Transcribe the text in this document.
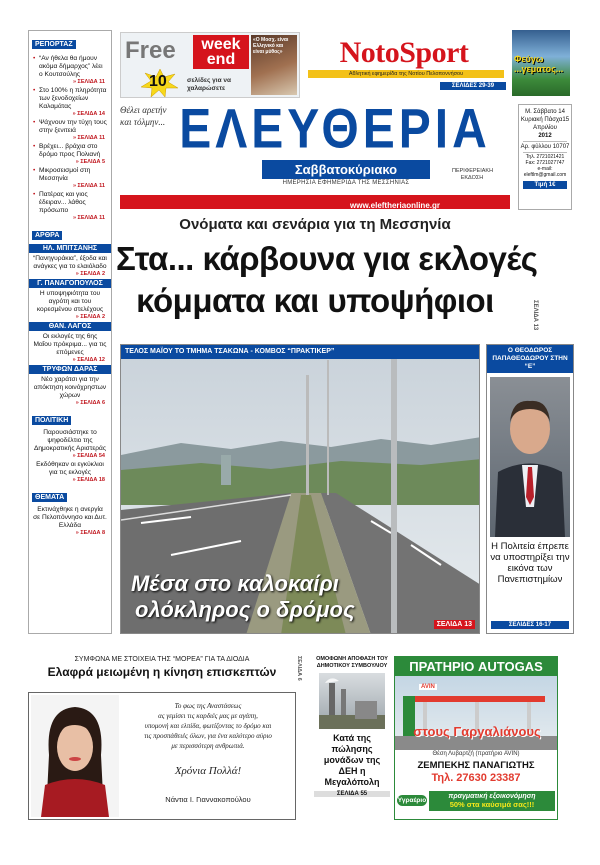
ΡΕΠΟΡΤΑΖ
• “Αν ήθελα θα ήμουν ακόμα δήμαρχος” λέει ο Κουτσούλης
» ΣΕΛΙΔΑ 11
• Στο 100% η πληρότητα των ξενοδοχείων Καλαμάτας
» ΣΕΛΙΔΑ 14
• Ψάχνουν την τύχη τους στην ξενιτειά
» ΣΕΛΙΔΑ 11
• Βρέχει... βράχια στο δρόμο προς Πολιανή
» ΣΕΛΙΔΑ 5
• Μικροσεισμοί στη Μεσσηνία
» ΣΕΛΙΔΑ 11
• Πατέρας και γιος έδειραν... λάθος πρόσωπο
» ΣΕΛΙΔΑ 11
ΑΡΘΡΑ
ΗΛ. ΜΠΙΤΣΑΝΗΣ
“Πανηγυράκια”, έξοδα και ανάγκες για το ελαιόλαδο
» ΣΕΛΙΔΑ 2
Γ. ΠΑΝΑΓΟΠΟΥΛΟΣ
Η υποψηφιότητα του αγρότη και του κορεσμένου στελέχους
» ΣΕΛΙΔΑ 2
ΘΑΝ. ΛΑΓΟΣ
Οι εκλογές της 6ης Μαΐου πρόκριμα... για τις επόμενες
» ΣΕΛΙΔΑ 12
ΤΡΥΦΩΝ ΔΑΡΑΣ
Νέο χαράτσι για την απόκτηση κοινόχρηστων χώρων
» ΣΕΛΙΔΑ 6
ΠΟΛΙΤΙΚΗ
Παρουσιάστηκε το ψηφοδέλτιο της Δημοκρατικής Αριστεράς
» ΣΕΛΙΔΑ 54
Εκδόθηκαν οι εγκύκλιοι για τις εκλογές
» ΣΕΛΙΔΑ 18
ΘΕΜΑΤΑ
Εκτινάχθηκε η ανεργία σε Πελοπόννησο και Δυτ. Ελλάδα
» ΣΕΛΙΔΑ 8
Free	week
end
10	σελίδες για να χαλαρώσετε
«Ο Μοσχ. είναι Ελληνικό και είναι μύθος»	NotoSport
Αθλητική εφημερίδα της Νοτίου Πελοποννήσου
ΣΕΛΙΔΕΣ 29-39
Φεύγω ...γεματος...
Θέλει αρετήν και τόλμην... ΕΛΕΥΘΕΡΙΑ
Σαββατοκύριακο
ΗΜΕΡΗΣΙΑ ΕΦΗΜΕΡΙΔΑ ΤΗΣ ΜΕΣΣΗΝΙΑΣ
ΠΕΡΙΦΕΡΕΙΑΚΗ ΕΚΔΟΣΗ
www.eleftheriaonline.gr
Μ. Σάββατο 14
Κυριακή Πάσχα15
Απριλίου
2012
Αρ. φύλλου 10707
Τηλ. 2721021421
Fax: 2721027747
e-mail:
eleftlm@gmail.com
Τιμή 1€
Ονόματα και σενάρια για τη Μεσσηνία
Στα... κάρβουνα για εκλογές
κόμματα και υποψήφιοι	ΣΕΛΙΔΑ 13
ΤΕΛΟΣ ΜΑΪΟΥ ΤΟ ΤΜΗΜΑ ΤΣΑΚΩΝΑ - ΚΟΜΒΟΣ “ΠΡΑΚΤΙΚΕΡ”
Μέσα στο καλοκαίρι
ολόκληρος ο δρόμος
ΣΕΛΙΔΑ 13
Ο ΘΕΟΔΩΡΟΣ ΠΑΠΑΘΕΟΔΩΡΟΥ ΣΤΗΝ “Ε”
Η Πολιτεία έπρεπε να υποστηρίξει την εικόνα των Πανεπιστημίων
ΣΕΛΙΔΕΣ 16-17
ΣΥΜΦΩΝΑ ΜΕ ΣΤΟΙΧΕΙΑ ΤΗΣ “ΜΟΡΕΑ” ΓΙΑ ΤΑ ΔΙΟΔΙΑ
Ελαφρά μειωμένη η κίνηση επισκεπτών	ΣΕΛΙΔΑ 6
Το φως της Αναστάσεως
ας γεμίσει τις καρδιές μας με αγάπη,
υπομονή και ελπίδα, φωτίζοντας το δρόμο και
τις προσπάθειές όλων, για ένα καλύτερο αύριο
με περισσότερη ανθρωπιά.
Χρόνια Πολλά!
Νάντια Ι. Γιαννακοπούλου
ΟΜΟΦΩΝΗ ΑΠΟΦΑΣΗ ΤΟΥ ΔΗΜΟΤΙΚΟΥ ΣΥΜΒΟΥΛΙΟΥ
Κατά της πώλησης μονάδων της ΔΕΗ η Μεγαλόπολη
ΣΕΛΙΔΑ 55
ΠΡΑΤΗΡΙΟ AUTOGAS
AVIN
στους Γαργαλιάνους
Θέση Λυβαρτζή (πρατήριο AVIN)
ΖΕΜΠΕΚΗΣ ΠΑΝΑΓΙΩΤΗΣ
Τηλ. 27630 23387
Υγραέριο
πραγματική εξοικονόμηση
50% στα καύσιμά σας!!!
